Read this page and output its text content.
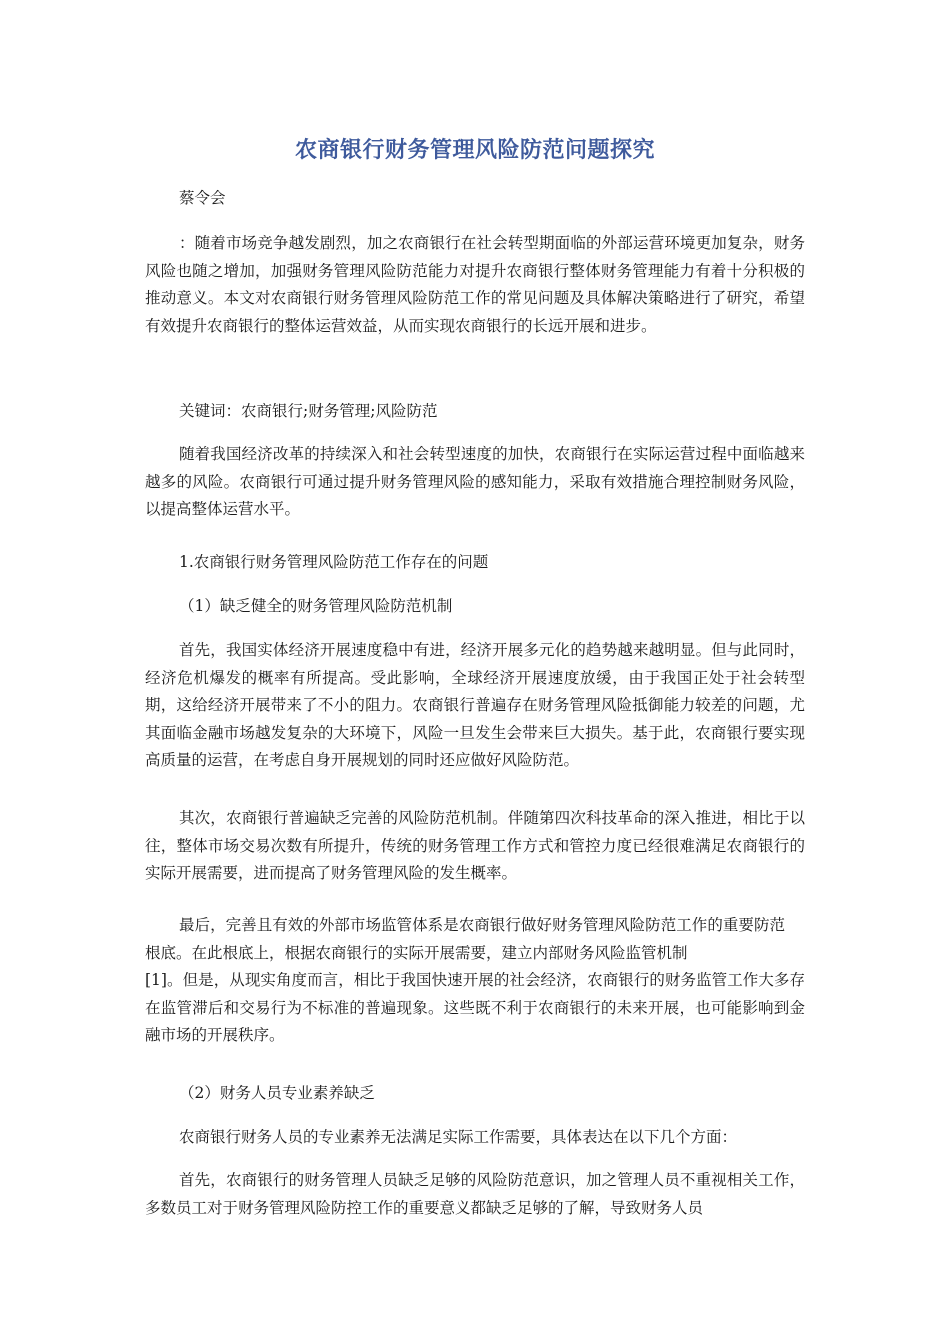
农商银行财务管理风险防范问题探究
蔡令会

：随着市场竞争越发剧烈，加之农商银行在社会转型期面临的外部运营环境更加复杂，财务风险也随之增加，加强财务管理风险防范能力对提升农商银行整体财务管理能力有着十分积极的推动意义。本文对农商银行财务管理风险防范工作的常见问题及具体解决策略进行了研究，希望有效提升农商银行的整体运营效益，从而实现农商银行的长远开展和进步。

关键词：农商银行;财务管理;风险防范

随着我国经济改革的持续深入和社会转型速度的加快，农商银行在实际运营过程中面临越来越多的风险。农商银行可通过提升财务管理风险的感知能力，采取有效措施合理控制财务风险，以提高整体运营水平。

1.农商银行财务管理风险防范工作存在的问题
（1）缺乏健全的财务管理风险防范机制

首先，我国实体经济开展速度稳中有进，经济开展多元化的趋势越来越明显。但与此同时，经济危机爆发的概率有所提高。受此影响，全球经济开展速度放缓，由于我国正处于社会转型期，这给经济开展带来了不小的阻力。农商银行普遍存在财务管理风险抵御能力较差的问题，尤其面临金融市场越发复杂的大环境下，风险一旦发生会带来巨大损失。基于此，农商银行要实现高质量的运营，在考虑自身开展规划的同时还应做好风险防范。

其次，农商银行普遍缺乏完善的风险防范机制。伴随第四次科技革命的深入推进，相比于以往，整体市场交易次数有所提升，传统的财务管理工作方式和管控力度已经很难满足农商银行的实际开展需要，进而提高了财务管理风险的发生概率。

最后，完善且有效的外部市场监管体系是农商银行做好财务管理风险防范工作的重要防范根底。在此根底上，根据农商银行的实际开展需要，建立内部财务风险监管机制

[1]。但是，从现实角度而言，相比于我国快速开展的社会经济，农商银行的财务监管工作大多存在监管滞后和交易行为不标准的普遍现象。这些既不利于农商银行的未来开展，也可能影响到金融市场的开展秩序。

（2）财务人员专业素养缺乏
农商银行财务人员的专业素养无法满足实际工作需要，具体表达在以下几个方面：

首先，农商银行的财务管理人员缺乏足够的风险防范意识，加之管理人员不重视相关工作，多数员工对于财务管理风险防控工作的重要意义都缺乏足够的了解，导致财务人员
